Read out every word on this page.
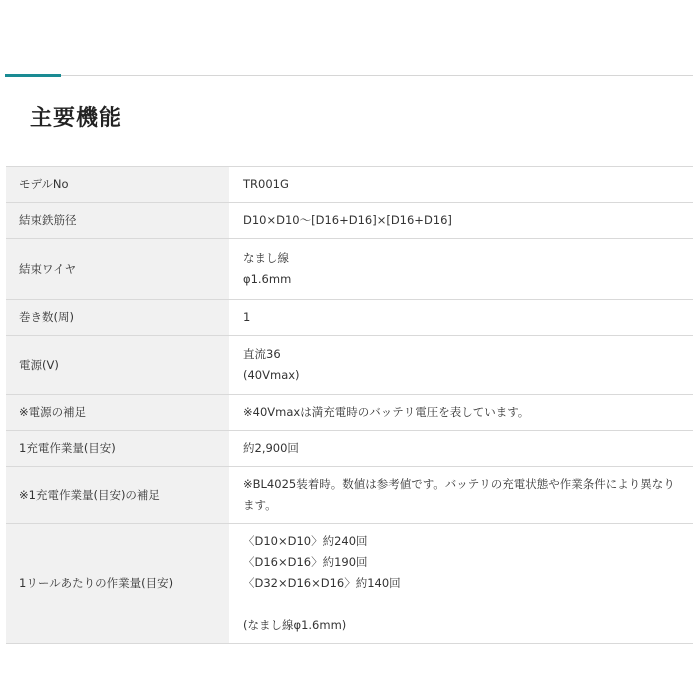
主要機能
モデルNo	TR001G

結束鉄筋径	D10×D10〜[D16+D16]×[D16+D16]

結束ワイヤ	なまし線
φ1.6mm

巻き数(周)	1

電源(V)	直流36
(40Vmax)

※電源の補足	※40Vmaxは満充電時のバッテリ電圧を表しています。

1充電作業量(目安)	約2,900回

※1充電作業量(目安)の補足	※BL4025装着時。数値は参考値です。バッテリの充電状態や作業条件により異なります。

1リールあたりの作業量(目安)	〈D10×D10〉約240回
〈D16×D16〉約190回
〈D32×D16×D16〉約140回

(なまし線φ1.6mm)
